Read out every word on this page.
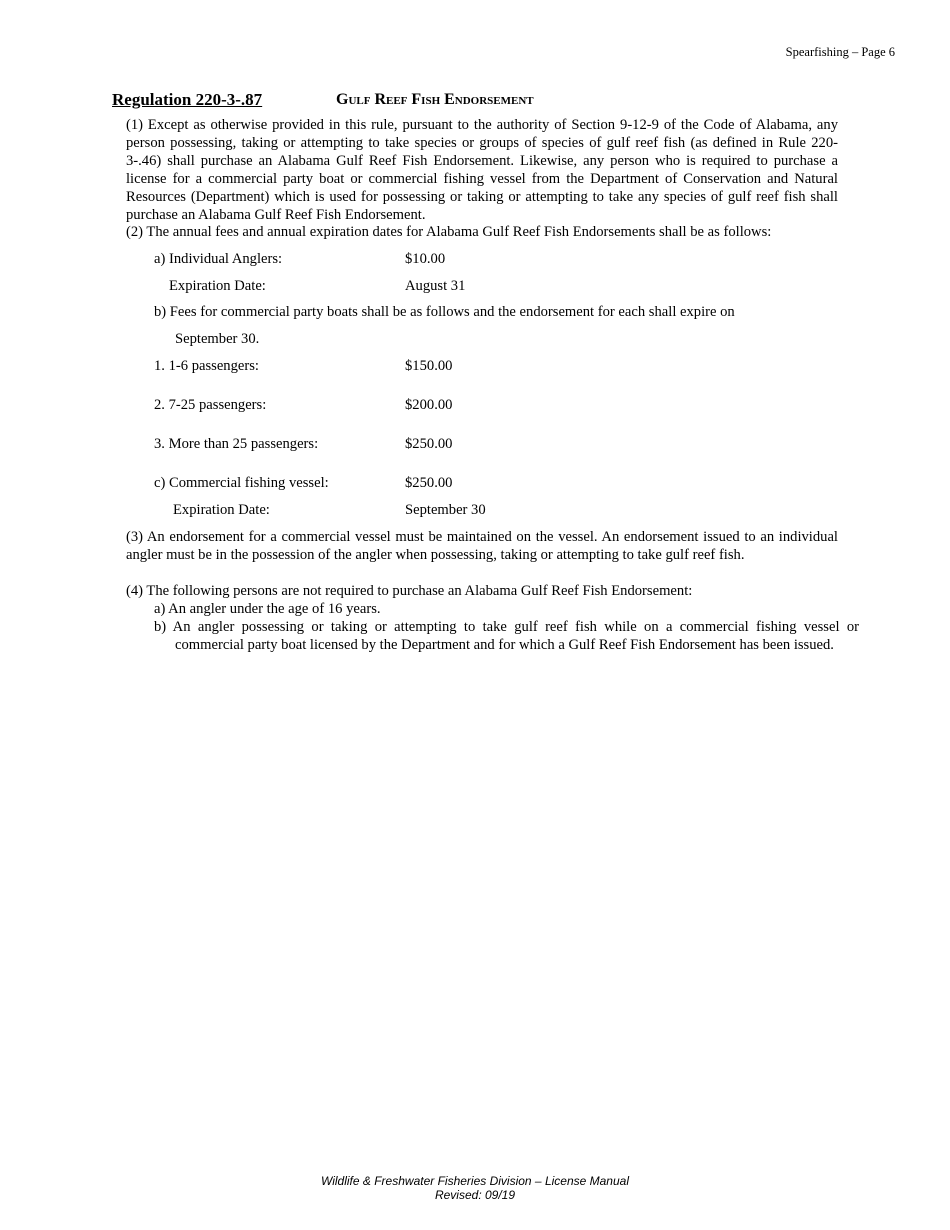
Spearfishing – Page 6
Regulation 220-3-.87	Gulf Reef Fish Endorsement
(1) Except as otherwise provided in this rule, pursuant to the authority of Section 9-12-9 of the Code of Alabama, any person possessing, taking or attempting to take species or groups of species of gulf reef fish (as defined in Rule 220-3-.46) shall purchase an Alabama Gulf Reef Fish Endorsement. Likewise, any person who is required to purchase a license for a commercial party boat or commercial fishing vessel from the Department of Conservation and Natural Resources (Department) which is used for possessing or taking or attempting to take any species of gulf reef fish shall purchase an Alabama Gulf Reef Fish Endorsement.
(2) The annual fees and annual expiration dates for Alabama Gulf Reef Fish Endorsements shall be as follows:
a) Individual Anglers:	$10.00
Expiration Date:	August 31
b) Fees for commercial party boats shall be as follows and the endorsement for each shall expire on
September 30.
1. 1-6 passengers:	$150.00
2. 7-25 passengers:	$200.00
3. More than 25 passengers:	$250.00
c) Commercial fishing vessel:	$250.00
Expiration Date:	September 30
(3) An endorsement for a commercial vessel must be maintained on the vessel. An endorsement issued to an individual angler must be in the possession of the angler when possessing, taking or attempting to take gulf reef fish.
(4) The following persons are not required to purchase an Alabama Gulf Reef Fish Endorsement:
a) An angler under the age of 16 years.
b) An angler possessing or taking or attempting to take gulf reef fish while on a commercial fishing vessel or commercial party boat licensed by the Department and for which a Gulf Reef Fish Endorsement has been issued.
Wildlife & Freshwater Fisheries Division – License Manual
Revised: 09/19
